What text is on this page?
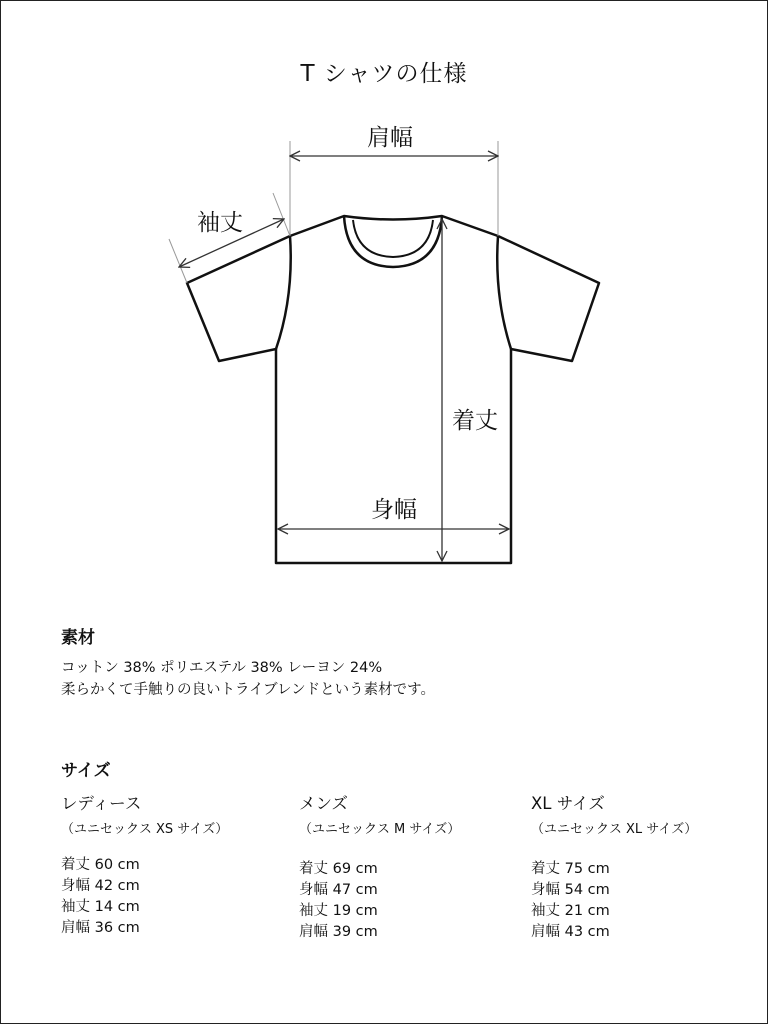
T シャツの仕様
肩幅
袖丈
着丈
身幅
素材
コットン 38% ポリエステル 38% レーヨン 24%
柔らかくて手触りの良いトライブレンドという素材です。
サイズ
レディース
（ユニセックス XS サイズ）
着丈 60 cm
身幅 42 cm
袖丈 14 cm
肩幅 36 cm
メンズ
（ユニセックス M サイズ）
着丈 69 cm
身幅 47 cm
袖丈 19 cm
肩幅 39 cm
XL サイズ
（ユニセックス XL サイズ）
着丈 75 cm
身幅 54 cm
袖丈 21 cm
肩幅 43 cm
